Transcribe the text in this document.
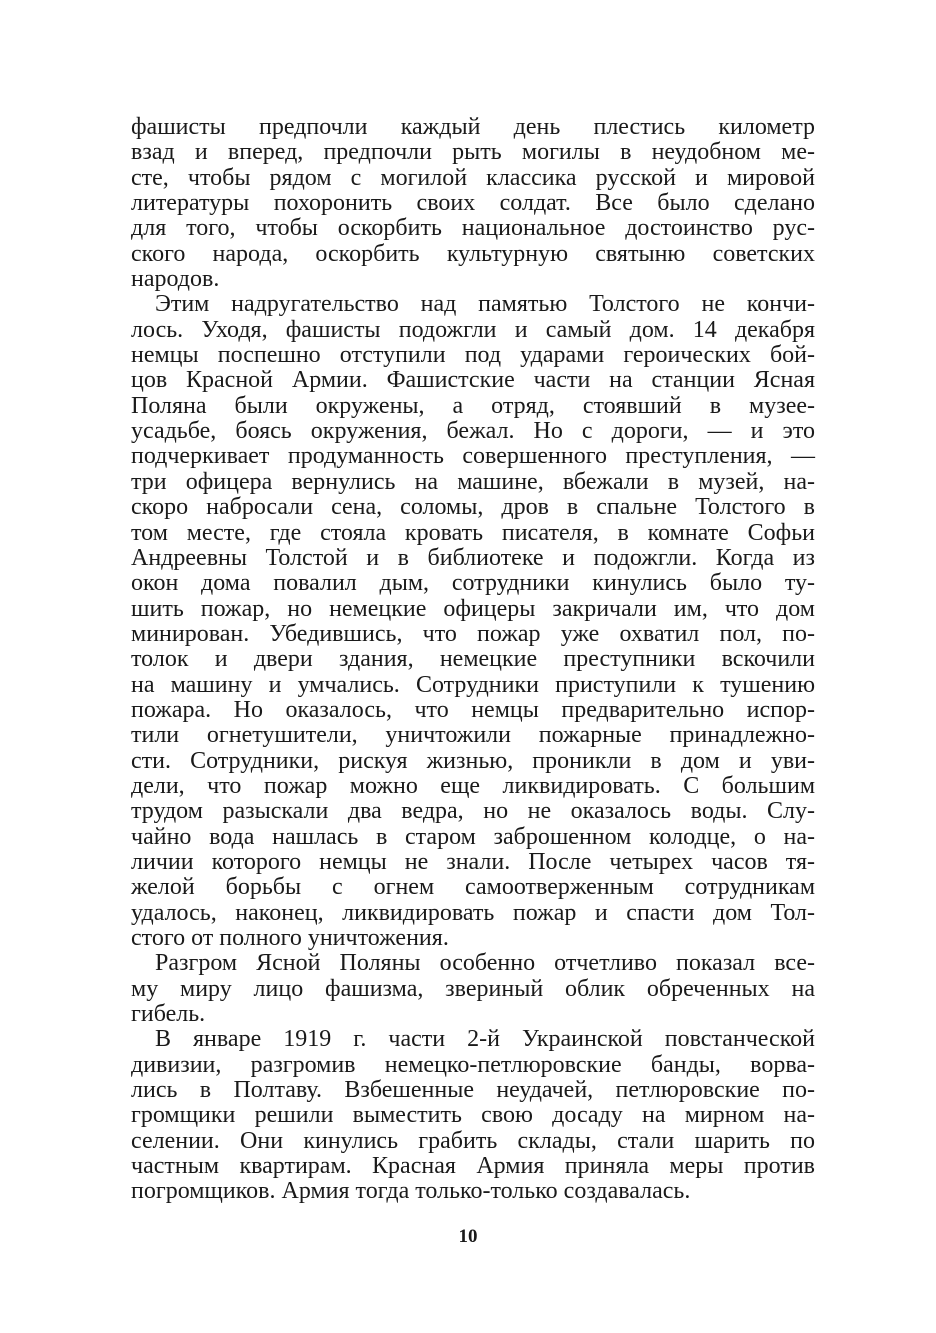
фашисты предпочли каждый день плестись километр
взад и вперед, предпочли рыть могилы в неудобном ме-
сте, чтобы рядом с могилой классика русской и мировой
литературы похоронить своих солдат. Все было сделано
для того, чтобы оскорбить национальное достоинство рус-
ского народа, оскорбить культурную святыню советских
народов.
Этим надругательство над памятью Толстого не кончи-
лось. Уходя, фашисты подожгли и самый дом. 14 декабря
немцы поспешно отступили под ударами героических бой-
цов Красной Армии. Фашистские части на станции Ясная
Поляна были окружены, а отряд, стоявший в музее-
усадьбе, боясь окружения, бежал. Но с дороги, — и это
подчеркивает продуманность совершенного преступления, —
три офицера вернулись на машине, вбежали в музей, на-
скоро набросали сена, соломы, дров в спальне Толстого в
том месте, где стояла кровать писателя, в комнате Софьи
Андреевны Толстой и в библиотеке и подожгли. Когда из
окон дома повалил дым, сотрудники кинулись было ту-
шить пожар, но немецкие офицеры закричали им, что дом
минирован. Убедившись, что пожар уже охватил пол, по-
толок и двери здания, немецкие преступники вскочили
на машину и умчались. Сотрудники приступили к тушению
пожара. Но оказалось, что немцы предварительно испор-
тили огнетушители, уничтожили пожарные принадлежно-
сти. Сотрудники, рискуя жизнью, проникли в дом и уви-
дели, что пожар можно еще ликвидировать. С большим
трудом разыскали два ведра, но не оказалось воды. Слу-
чайно вода нашлась в старом заброшенном колодце, о на-
личии которого немцы не знали. После четырех часов тя-
желой борьбы с огнем самоотверженным сотрудникам
удалось, наконец, ликвидировать пожар и спасти дом Тол-
стого от полного уничтожения.
Разгром Ясной Поляны особенно отчетливо показал все-
му миру лицо фашизма, звериный облик обреченных на
гибель.
В январе 1919 г. части 2-й Украинской повстанческой
дивизии, разгромив немецко-петлюровские банды, ворва-
лись в Полтаву. Взбешенные неудачей, петлюровские по-
громщики решили выместить свою досаду на мирном на-
селении. Они кинулись грабить склады, стали шарить по
частным квартирам. Красная Армия приняла меры против
погромщиков. Армия тогда только-только создавалась.
10
